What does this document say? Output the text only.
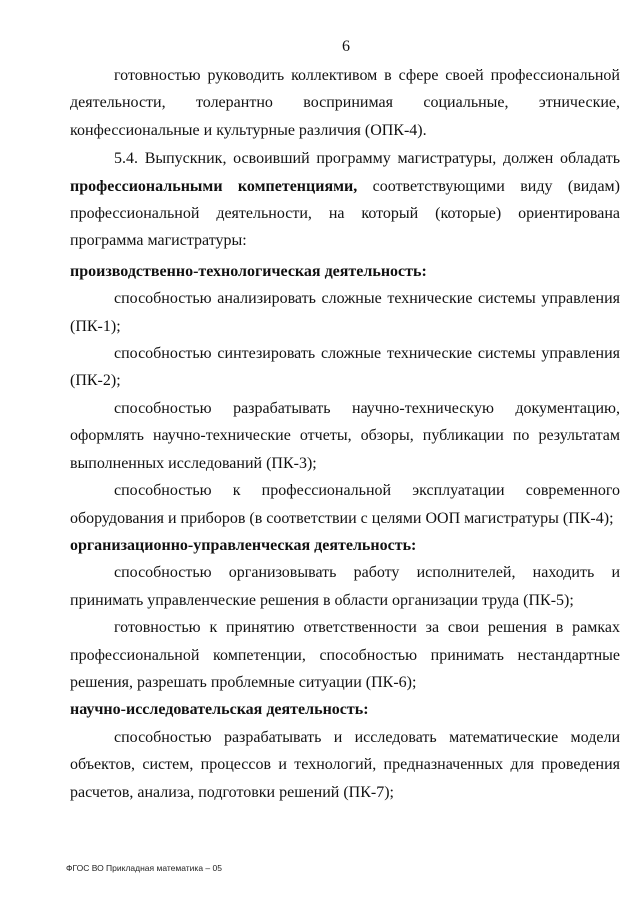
6

готовностью руководить коллективом в сфере своей профессиональной

деятельности, толерантно воспринимая социальные, этнические, конфессиональные и культурные различия (ОПК-4).

5.4. Выпускник, освоивший программу магистратуры, должен обладать профессиональными компетенциями, соответствующими виду (видам) профессиональной деятельности, на который (которые) ориентирована программа магистратуры:

производственно-технологическая деятельность:

способностью анализировать сложные технические системы управления (ПК-1);

способностью синтезировать сложные технические системы управления (ПК-2);

способностью разрабатывать научно-техническую документацию, оформлять научно-технические отчеты, обзоры, публикации по результатам выполненных исследований (ПК-3);

способностью к профессиональной эксплуатации современного оборудования и приборов (в соответствии с целями ООП магистратуры (ПК-4);

организационно-управленческая деятельность:

способностью организовывать работу исполнителей, находить и принимать управленческие решения в области организации труда (ПК-5);

готовностью к принятию ответственности за свои решения в рамках профессиональной компетенции, способностью принимать нестандартные решения, разрешать проблемные ситуации (ПК-6);

научно-исследовательская деятельность:

способностью разрабатывать и исследовать математические модели объектов, систем, процессов и технологий, предназначенных для проведения расчетов, анализа, подготовки решений (ПК-7);

ФГОС ВО Прикладная математика – 05
